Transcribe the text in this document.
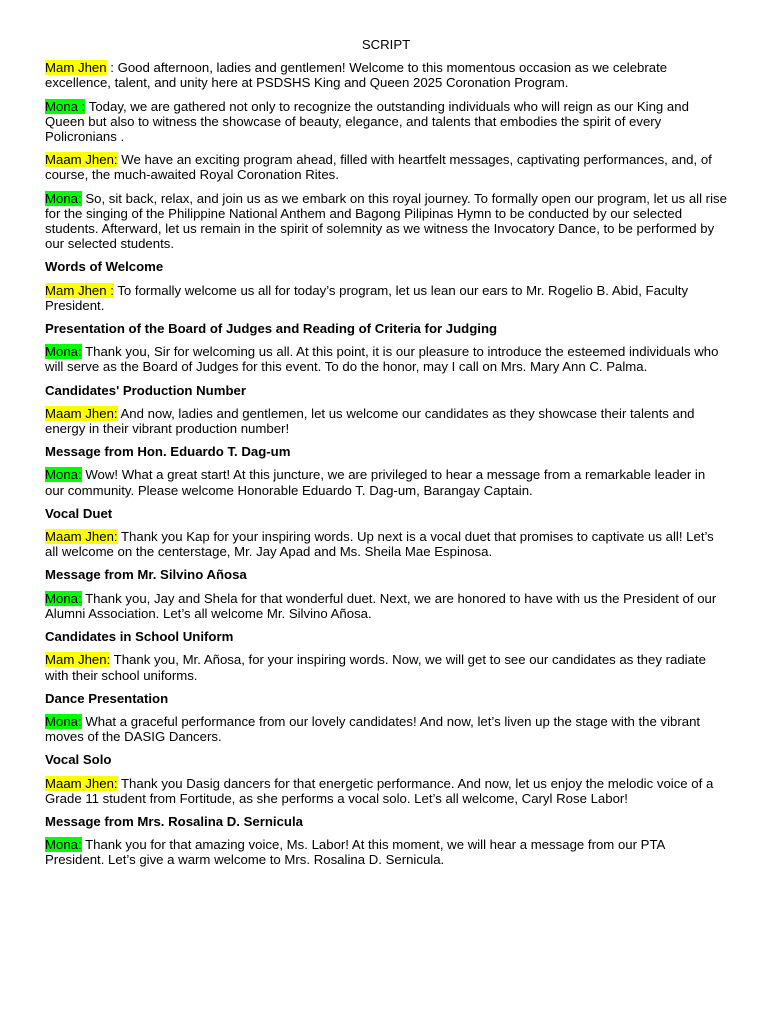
SCRIPT
Mam Jhen : Good afternoon, ladies and gentlemen! Welcome to this momentous occasion as we celebrate excellence, talent, and unity here at PSDSHS King and Queen 2025 Coronation Program.
Mona : Today, we are gathered not only to recognize the outstanding individuals who will reign as our King and Queen but also to witness the showcase of beauty, elegance, and talents that embodies the spirit of every Policronians .
Maam Jhen: We have an exciting program ahead, filled with heartfelt messages, captivating performances, and, of course, the much-awaited Royal Coronation Rites.
Mona: So, sit back, relax, and join us as we embark on this royal journey. To formally open our program, let us all rise for the singing of the Philippine National Anthem and Bagong Pilipinas Hymn to be conducted by our selected students. Afterward, let us remain in the spirit of solemnity as we witness the Invocatory Dance, to be performed by our selected students.
Words of Welcome
Mam Jhen : To formally welcome us all for today’s program, let us lean our ears to Mr. Rogelio B. Abid, Faculty President.
Presentation of the Board of Judges and Reading of Criteria for Judging
Mona: Thank you, Sir for welcoming us all. At this point, it is our pleasure to introduce the esteemed individuals who will serve as the Board of Judges for this event. To do the honor, may I call on Mrs. Mary Ann C. Palma.
Candidates' Production Number
Maam Jhen: And now, ladies and gentlemen, let us welcome our candidates as they showcase their talents and energy in their vibrant production number!
Message from Hon. Eduardo T. Dag-um
Mona: Wow! What a great start! At this juncture, we are privileged to hear a message from a remarkable leader in our community. Please welcome Honorable Eduardo T. Dag-um, Barangay Captain.
Vocal Duet
Maam Jhen: Thank you Kap for your inspiring words. Up next is a vocal duet that promises to captivate us all! Let’s all welcome on the centerstage, Mr. Jay Apad and Ms. Sheila Mae Espinosa.
Message from Mr. Silvino Añosa
Mona: Thank you, Jay and Shela for that wonderful duet. Next, we are honored to have with us the President of our Alumni Association. Let’s all welcome Mr. Silvino Añosa.
Candidates in School Uniform
Mam Jhen: Thank you, Mr. Añosa, for your inspiring words. Now, we will get to see our candidates as they radiate with their school uniforms.
Dance Presentation
Mona: What a graceful performance from our lovely candidates! And now, let’s liven up the stage with the vibrant moves of the DASIG Dancers.
Vocal Solo
Maam Jhen: Thank you Dasig dancers for that energetic performance. And now, let us enjoy the melodic voice of a Grade 11 student from Fortitude, as she performs a vocal solo. Let’s all welcome, Caryl Rose Labor!
Message from Mrs. Rosalina D. Sernicula
Mona: Thank you for that amazing voice, Ms. Labor! At this moment, we will hear a message from our PTA President. Let’s give a warm welcome to Mrs. Rosalina D. Sernicula.
